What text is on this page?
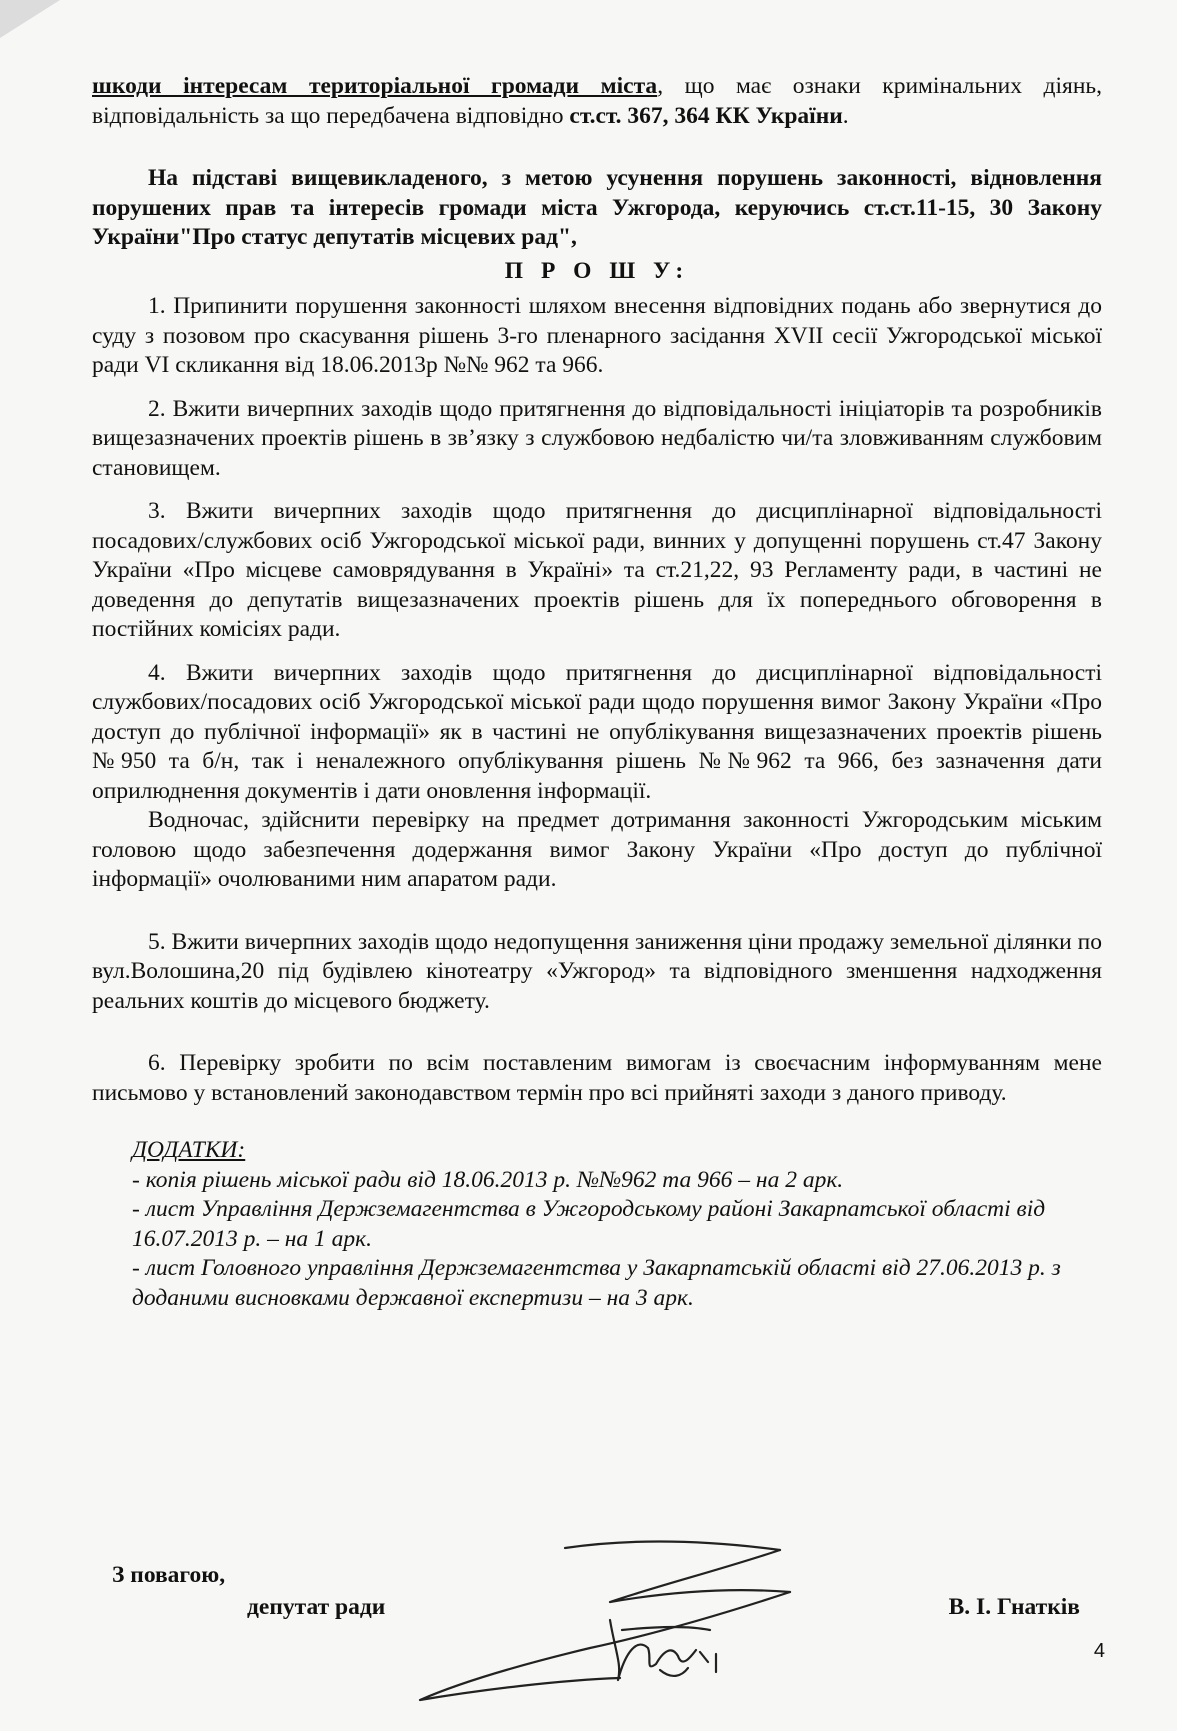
шкоди інтересам територіальної громади міста, що має ознаки кримінальних діянь, відповідальність за що передбачена відповідно ст.ст. 367, 364 КК України.

На підставі вищевикладеного, з метою усунення порушень законності, відновлення порушених прав та інтересів громади міста Ужгорода, керуючись ст.ст.11-15, 30 Закону України"Про статус депутатів місцевих рад",

П Р О Ш У:

1. Припинити порушення законності шляхом внесення відповідних подань або звернутися до суду з позовом про скасування рішень 3-го пленарного засідання XVII сесії Ужгородської міської ради VI скликання від 18.06.2013р №№ 962 та 966.

2. Вжити вичерпних заходів щодо притягнення до відповідальності ініціаторів та розробників вищезазначених проектів рішень в зв’язку з службовою недбалістю чи/та зловживанням службовим становищем.

3. Вжити вичерпних заходів щодо притягнення до дисциплінарної відповідальності посадових/службових осіб Ужгородської міської ради, винних у допущенні порушень ст.47 Закону України «Про місцеве самоврядування в Україні» та ст.21,22, 93 Регламенту ради, в частині не доведення до депутатів вищезазначених проектів рішень для їх попереднього обговорення в постійних комісіях ради.

4. Вжити вичерпних заходів щодо притягнення до дисциплінарної відповідальності службових/посадових осіб Ужгородської міської ради щодо порушення вимог Закону України «Про доступ до публічної інформації» як в частині не опублікування вищезазначених проектів рішень №950 та б/н, так і неналежного опублікування рішень №№962 та 966, без зазначення дати оприлюднення документів і дати оновлення інформації.

Водночас, здійснити перевірку на предмет дотримання законності Ужгородським міським головою щодо забезпечення додержання вимог Закону України «Про доступ до публічної інформації» очолюваними ним апаратом ради.

5. Вжити вичерпних заходів щодо недопущення заниження ціни продажу земельної ділянки по вул.Волошина,20 під будівлею кінотеатру «Ужгород» та відповідного зменшення надходження реальних коштів до місцевого бюджету.

6. Перевірку зробити по всім поставленим вимогам із своєчасним інформуванням мене письмово у встановлений законодавством термін про всі прийняті заходи з даного приводу.

ДОДАТКИ:

- копія рішень міської ради від 18.06.2013 р. №№962 та 966 – на 2 арк.

- лист Управління Держземагентства в Ужгородському районі Закарпатської області від 16.07.2013 р. – на 1 арк.

- лист Головного управління Держземагентства у Закарпатській області від 27.06.2013 р. з доданими висновками державної експертизи – на 3 арк.

З повагою,
депутат ради	В. І. Гнатків
4
